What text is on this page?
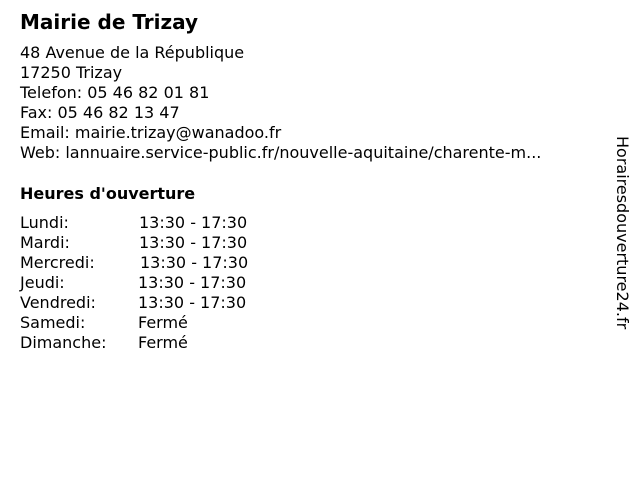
Mairie de Trizay
48 Avenue de la République
17250 Trizay
Telefon: 05 46 82 01 81
Fax: 05 46 82 13 47
Email: mairie.trizay@wanadoo.fr
Web: lannuaire.service-public.fr/nouvelle-aquitaine/charente-m...
Heures d'ouverture
Lundi:	13:30 - 17:30
Mardi:	13:30 - 17:30
Mercredi:	13:30 - 17:30
Jeudi:	13:30 - 17:30
Vendredi:	13:30 - 17:30
Samedi:	Fermé
Dimanche: Fermé
Horairesdouverture24.fr
